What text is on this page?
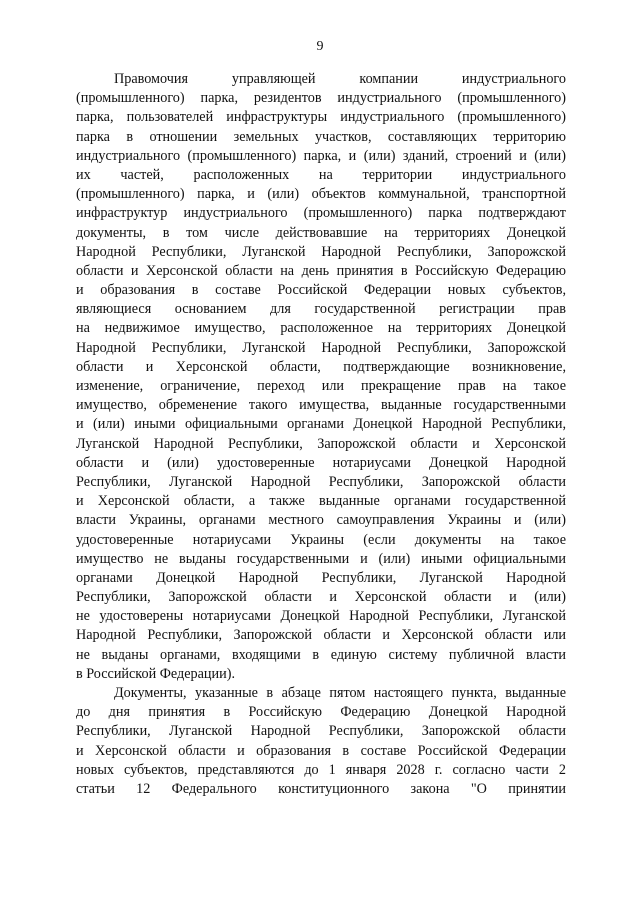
9
Правомочия управляющей компании индустриального
(промышленного) парка, резидентов индустриального (промышленного)
парка, пользователей инфраструктуры индустриального (промышленного)
парка в отношении земельных участков, составляющих территорию
индустриального (промышленного) парка, и (или) зданий, строений и (или)
их частей, расположенных на территории индустриального
(промышленного) парка, и (или) объектов коммунальной, транспортной
инфраструктур индустриального (промышленного) парка подтверждают
документы, в том числе действовавшие на территориях Донецкой
Народной Республики, Луганской Народной Республики, Запорожской
области и Херсонской области на день принятия в Российскую Федерацию
и образования в составе Российской Федерации новых субъектов,
являющиеся основанием для государственной регистрации прав
на недвижимое имущество, расположенное на территориях Донецкой
Народной Республики, Луганской Народной Республики, Запорожской
области и Херсонской области, подтверждающие возникновение,
изменение, ограничение, переход или прекращение прав на такое
имущество, обременение такого имущества, выданные государственными
и (или) иными официальными органами Донецкой Народной Республики,
Луганской Народной Республики, Запорожской области и Херсонской
области и (или) удостоверенные нотариусами Донецкой Народной
Республики, Луганской Народной Республики, Запорожской области
и Херсонской области, а также выданные органами государственной
власти Украины, органами местного самоуправления Украины и (или)
удостоверенные нотариусами Украины (если документы на такое
имущество не выданы государственными и (или) иными официальными
органами Донецкой Народной Республики, Луганской Народной
Республики, Запорожской области и Херсонской области и (или)
не удостоверены нотариусами Донецкой Народной Республики, Луганской
Народной Республики, Запорожской области и Херсонской области или
не выданы органами, входящими в единую систему публичной власти
в Российской Федерации).
Документы, указанные в абзаце пятом настоящего пункта, выданные
до дня принятия в Российскую Федерацию Донецкой Народной
Республики, Луганской Народной Республики, Запорожской области
и Херсонской области и образования в составе Российской Федерации
новых субъектов, представляются до 1 января 2028 г. согласно части 2
статьи 12 Федерального конституционного закона "О принятии
